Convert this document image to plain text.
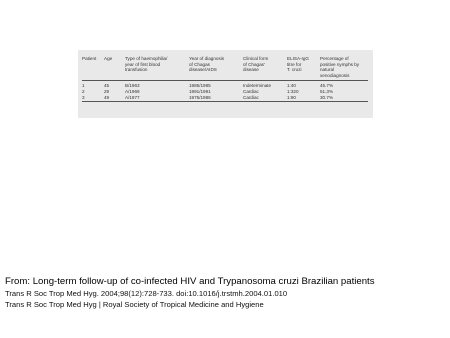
Patient	Age	Type of haemophilia/
year of first blood
transfusion	Year of diagnosis
of Chagas
disease/AIDS	Clinical form
of Chagas'
disease	ELISA-IgG
titre for
T. cruzi	Percentage of
positive nymphs by
natural
xenodiagnosis
1	45	B/1963	1985/1985	Indeterminate	1:40	45.7%
2	29	A/1969	1991/1991	Cardiac	1:320	51.3%
3	49	A/1977	1975/1986	Cardiac	1:80	30.7%
From: Long-term follow-up of co-infected HIV and Trypanosoma cruzi Brazilian patients
Trans R Soc Trop Med Hyg. 2004;98(12):728-733. doi:10.1016/j.trstmh.2004.01.010
Trans R Soc Trop Med Hyg | Royal Society of Tropical Medicine and Hygiene
